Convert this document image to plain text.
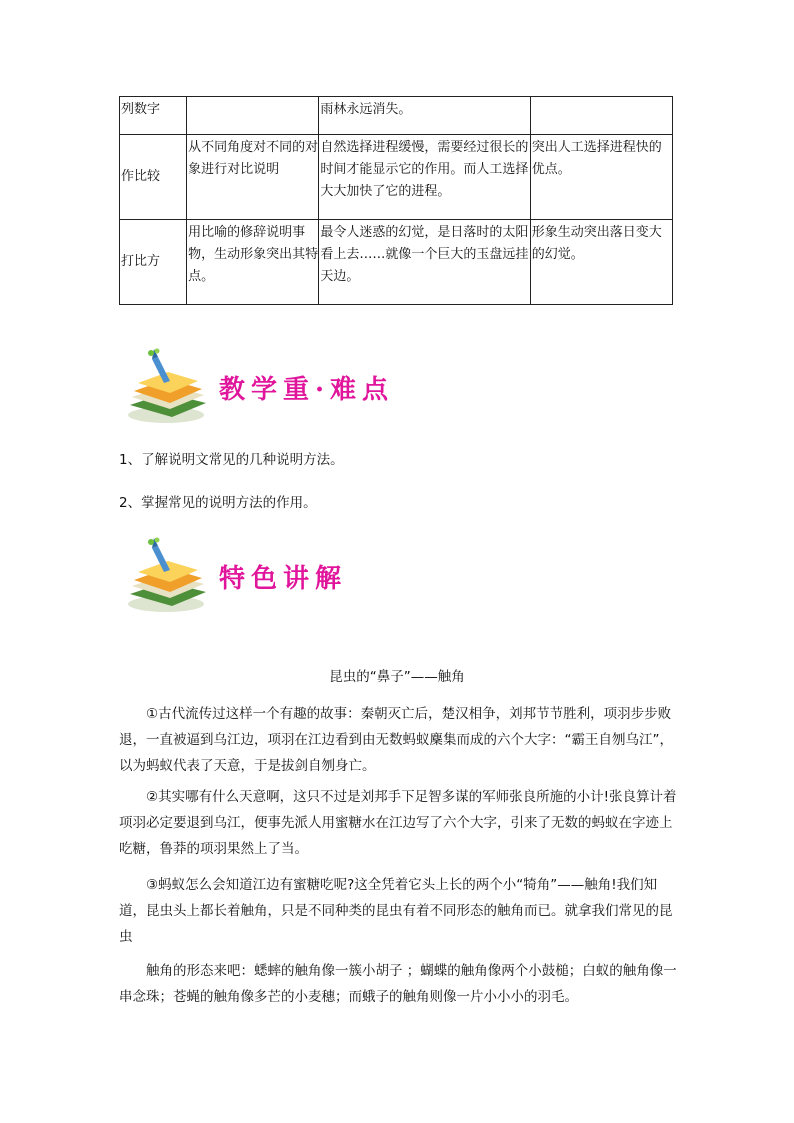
列数字		雨林永远消失。	
作比较	从不同角度对不同的对象进行对比说明	自然选择进程缓慢，需要经过很长的时间才能显示它的作用。而人工选择大大加快了它的进程。	突出人工选择进程快的优点。
打比方	用比喻的修辞说明事物，生动形象突出其特点。	最令人迷惑的幻觉，是日落时的太阳看上去……就像一个巨大的玉盘远挂天边。	形象生动突出落日变大的幻觉。
教学重·难点
1、了解说明文常见的几种说明方法。
2、掌握常见的说明方法的作用。
特色讲解
昆虫的“鼻子”——触角
①古代流传过这样一个有趣的故事：秦朝灭亡后，楚汉相争，刘邦节节胜利，项羽步步败退，一直被逼到乌江边，项羽在江边看到由无数蚂蚁麇集而成的六个大字：“霸王自刎乌江”，以为蚂蚁代表了天意，于是拔剑自刎身亡。
②其实哪有什么天意啊，这只不过是刘邦手下足智多谋的军师张良所施的小计!张良算计着项羽必定要退到乌江，便事先派人用蜜糖水在江边写了六个大字，引来了无数的蚂蚁在字迹上吃糖，鲁莽的项羽果然上了当。
③蚂蚁怎么会知道江边有蜜糖吃呢?这全凭着它头上长的两个小“犄角”——触角!我们知道，昆虫头上都长着触角，只是不同种类的昆虫有着不同形态的触角而已。就拿我们常见的昆虫
触角的形态来吧：蟋蟀的触角像一簇小胡子 ；蝴蝶的触角像两个小鼓槌；白蚁的触角像一串念珠；苍蝇的触角像多芒的小麦穗；而蛾子的触角则像一片小小小的羽毛。
